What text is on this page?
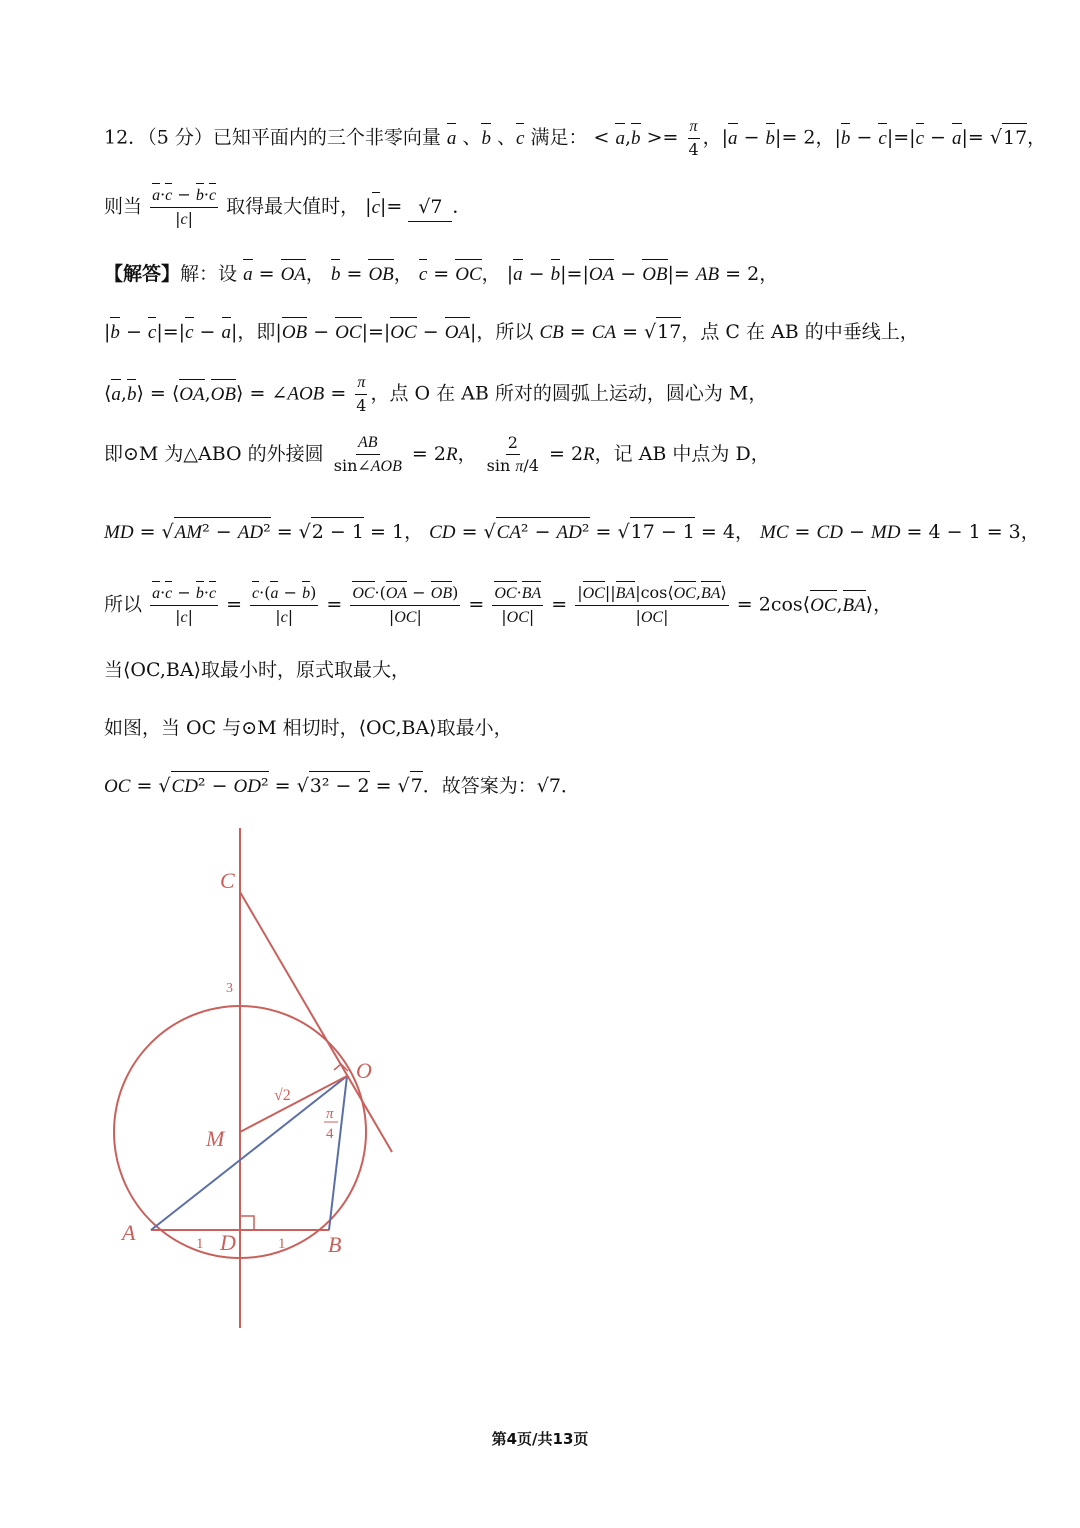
12．（5 分）已知平面内的三个非零向量 a 、b 、c 满足： < $a,b >= \frac{\pi}{4}$ ，|a − b|= 2，|b − c|=|c − a|= √17，
则当 $\frac{a\cdot c - b\cdot c}{|c|}$ 取得最大值时， |c|= √7 ．
【解答】解：设 a = OA， b = OB， c = OC， |a − b|=|OA − OB|= AB = 2，
|b − c|=|c − a|，即|OB − OC|=|OC − OA|，所以 CB = CA = √17，点 C 在 AB 的中垂线上，
⟨a,b⟩ = ⟨OA,OB⟩ = ∠AOB = $\frac{\pi}{4}$ ，点 O 在 AB 所对的圆弧上运动，圆心为 M，
即⊙M 为△ABO 的外接圆 $\frac{AB}{\text{sin∠AOB}} = 2R$， $\frac{2}{\text{sin π/4}} = 2R$，记 AB 中点为 D，
MD = √AM² − AD² = √2 − 1 = 1， CD = √CA² − AD² = √17 − 1 = 4， MC = CD − MD = 4 − 1 = 3，
所以 $\frac{a\cdot c - b\cdot c}{|c|} = \frac{c\cdot(a - b)}{|c|} = \frac{OC\cdot(OA - OB)}{|OC|} = \frac{OC\cdot BA}{|OC|} = \frac{|OC||BA|\cos⟨OC,BA⟩}{|OC|}$ = 2cos⟨OC,BA⟩，
当⟨OC,BA⟩取最小时，原式取最大，
如图，当 OC 与⊙M 相切时，⟨OC,BA⟩取最小，
OC = √CD² − OD² = √3² − 2 = √7．故答案为：√7．
C
3
O
√2
π
4
M
A	1 D	1 B
第4页/共13页
